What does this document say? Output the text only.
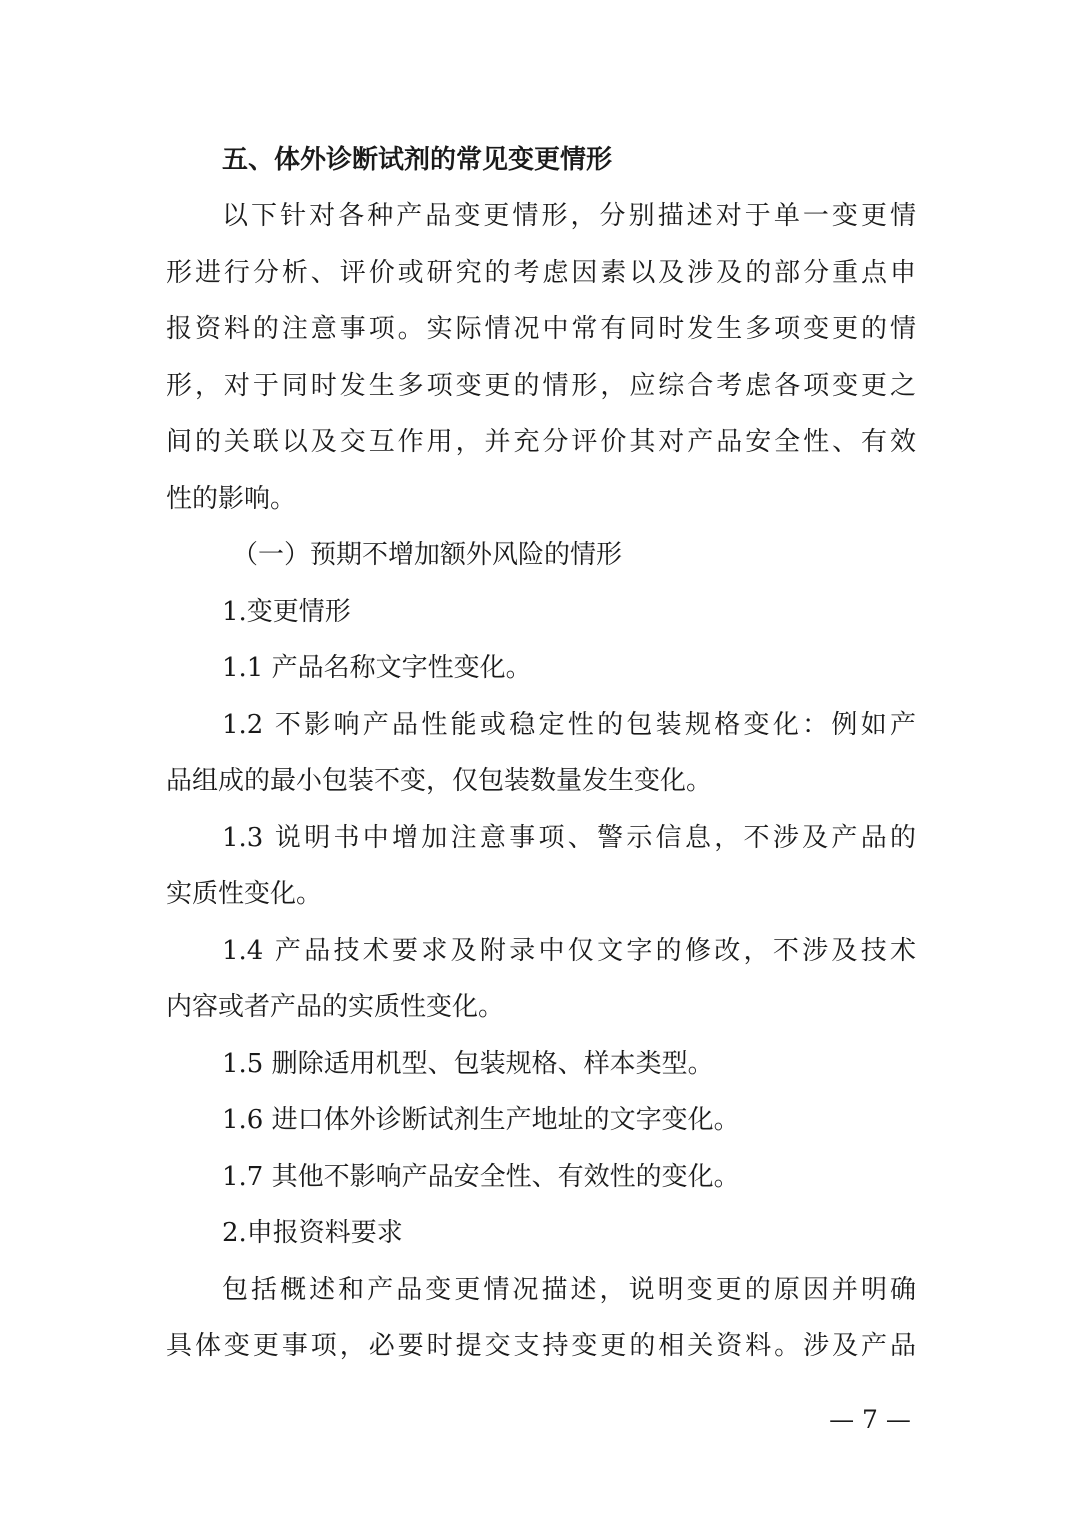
五、体外诊断试剂的常见变更情形

以下针对各种产品变更情形，分别描述对于单一变更情

形进行分析、评价或研究的考虑因素以及涉及的部分重点申

报资料的注意事项。实际情况中常有同时发生多项变更的情

形，对于同时发生多项变更的情形，应综合考虑各项变更之

间的关联以及交互作用，并充分评价其对产品安全性、有效

性的影响。

（一）预期不增加额外风险的情形

1.变更情形

1.1 产品名称文字性变化。

1.2 不影响产品性能或稳定性的包装规格变化：例如产

品组成的最小包装不变，仅包装数量发生变化。

1.3 说明书中增加注意事项、警示信息，不涉及产品的

实质性变化。

1.4 产品技术要求及附录中仅文字的修改，不涉及技术

内容或者产品的实质性变化。

1.5 删除适用机型、包装规格、样本类型。

1.6 进口体外诊断试剂生产地址的文字变化。

1.7 其他不影响产品安全性、有效性的变化。

2.申报资料要求

包括概述和产品变更情况描述，说明变更的原因并明确

具体变更事项，必要时提交支持变更的相关资料。涉及产品

— 7 —
